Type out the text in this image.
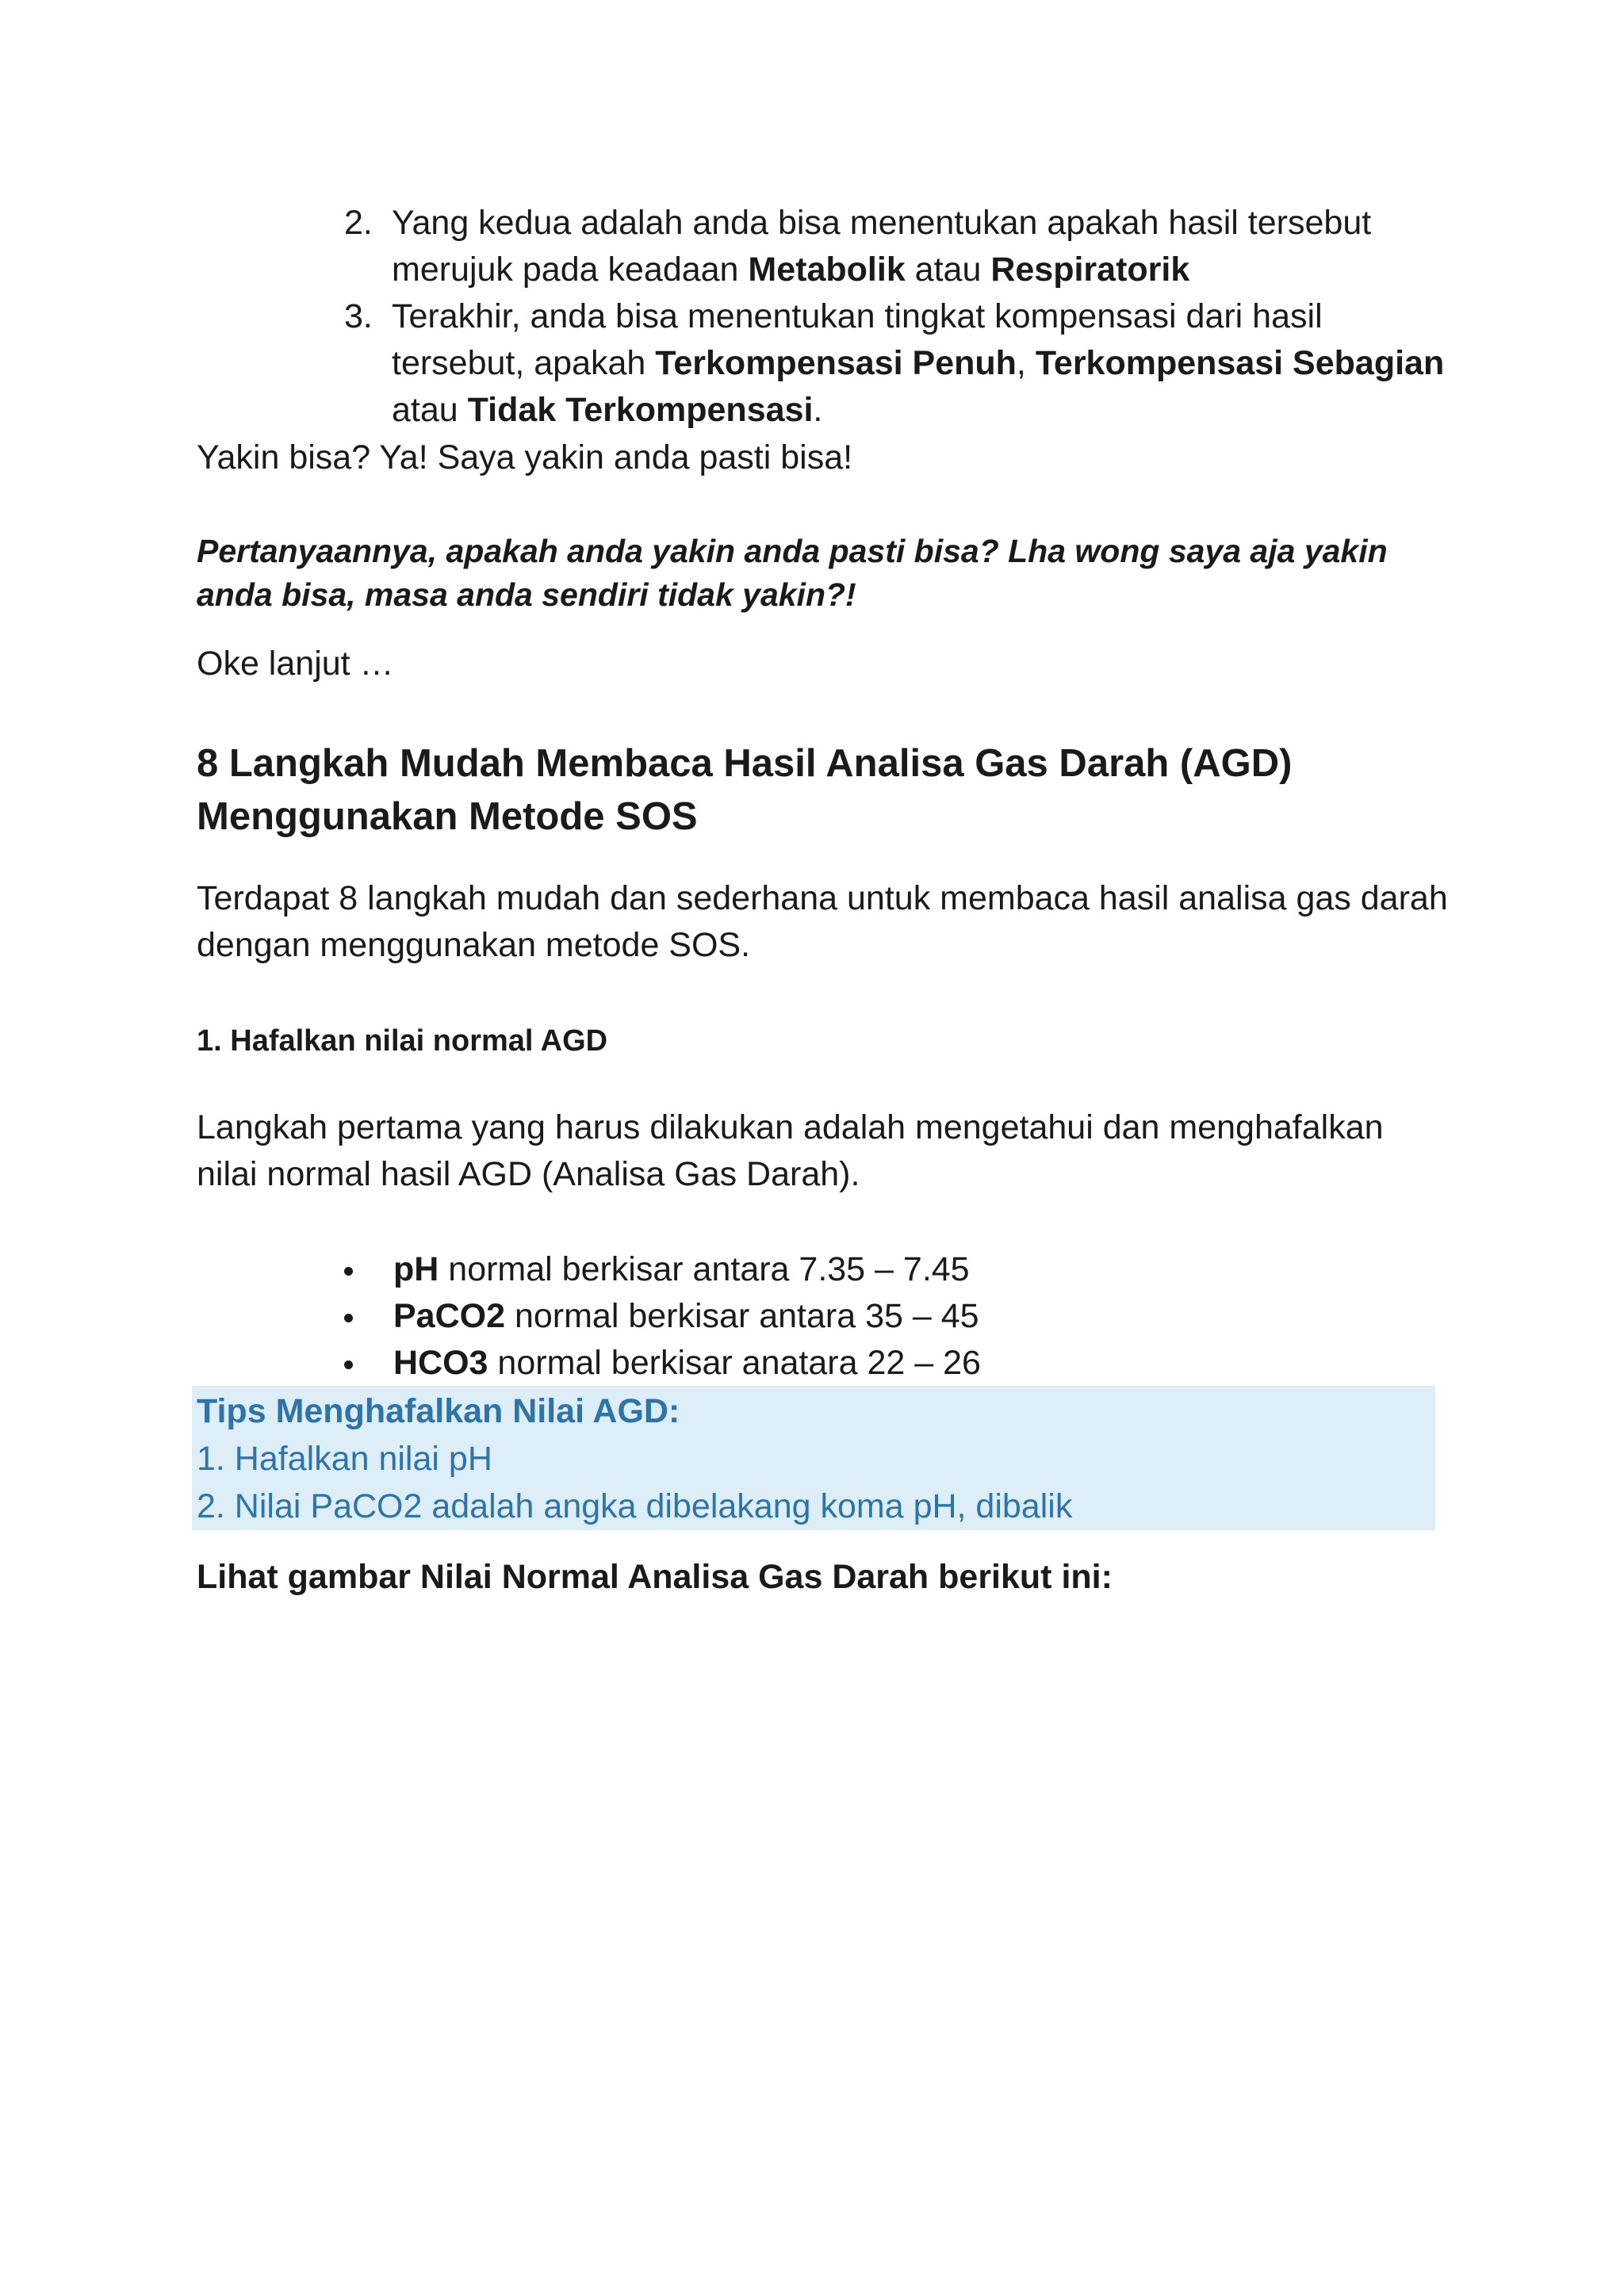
2. Yang kedua adalah anda bisa menentukan apakah hasil tersebut merujuk pada keadaan Metabolik atau Respiratorik
3. Terakhir, anda bisa menentukan tingkat kompensasi dari hasil tersebut, apakah Terkompensasi Penuh, Terkompensasi Sebagian atau Tidak Terkompensasi.

Yakin bisa? Ya! Saya yakin anda pasti bisa!

Pertanyaannya, apakah anda yakin anda pasti bisa? Lha wong saya aja yakin anda bisa, masa anda sendiri tidak yakin?!

Oke lanjut …

8 Langkah Mudah Membaca Hasil Analisa Gas Darah (AGD) Menggunakan Metode SOS

Terdapat 8 langkah mudah dan sederhana untuk membaca hasil analisa gas darah dengan menggunakan metode SOS.

1. Hafalkan nilai normal AGD

Langkah pertama yang harus dilakukan adalah mengetahui dan menghafalkan nilai normal hasil AGD (Analisa Gas Darah).

pH normal berkisar antara 7.35 – 7.45
PaCO2 normal berkisar antara 35 – 45
HCO3 normal berkisar anatara 22 – 26

Tips Menghafalkan Nilai AGD:

1. Hafalkan nilai pH

2. Nilai PaCO2 adalah angka dibelakang koma pH, dibalik

Lihat gambar Nilai Normal Analisa Gas Darah berikut ini:
